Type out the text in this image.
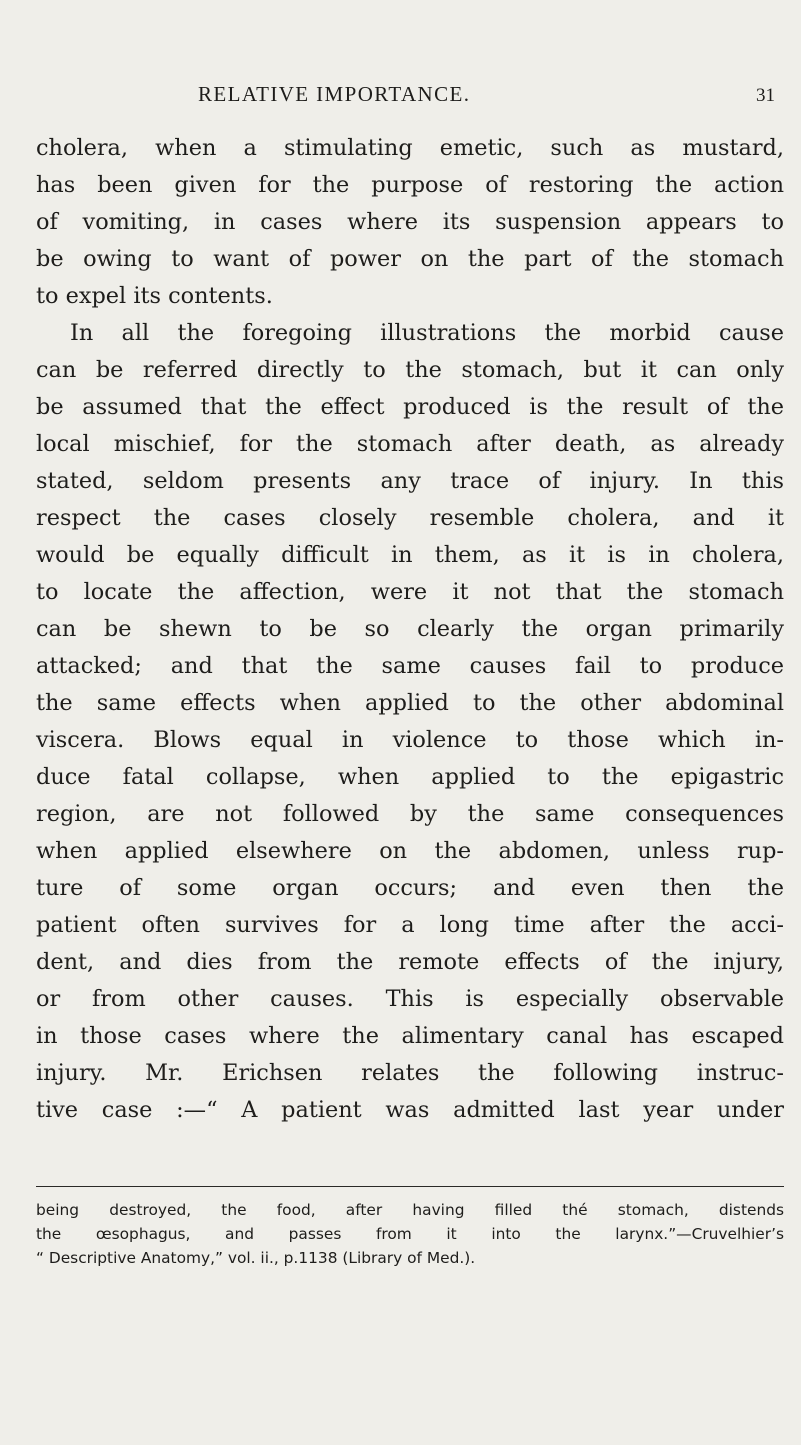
RELATIVE IMPORTANCE.	31
cholera, when a stimulating emetic, such as mustard,
has been given for the purpose of restoring the action
of vomiting, in cases where its suspension appears to
be owing to want of power on the part of the stomach
to expel its contents.
In all the foregoing illustrations the morbid cause
can be referred directly to the stomach, but it can only
be assumed that the effect produced is the result of the
local mischief, for the stomach after death, as already
stated, seldom presents any trace of injury. In this
respect the cases closely resemble cholera, and it
would be equally difficult in them, as it is in cholera,
to locate the affection, were it not that the stomach
can be shewn to be so clearly the organ primarily
attacked; and that the same causes fail to produce
the same effects when applied to the other abdominal
viscera. Blows equal in violence to those which in-
duce fatal collapse, when applied to the epigastric
region, are not followed by the same consequences
when applied elsewhere on the abdomen, unless rup-
ture of some organ occurs; and even then the
patient often survives for a long time after the acci-
dent, and dies from the remote effects of the injury,
or from other causes. This is especially observable
in those cases where the alimentary canal has escaped
injury. Mr. Erichsen relates the following instruc-
tive case :—“ A patient was admitted last year under
being destroyed, the food, after having filled thé stomach, distends
the œsophagus, and passes from it into the larynx.”—Cruvelhier’s
“ Descriptive Anatomy,” vol. ii., p.1138 (Library of Med.).
